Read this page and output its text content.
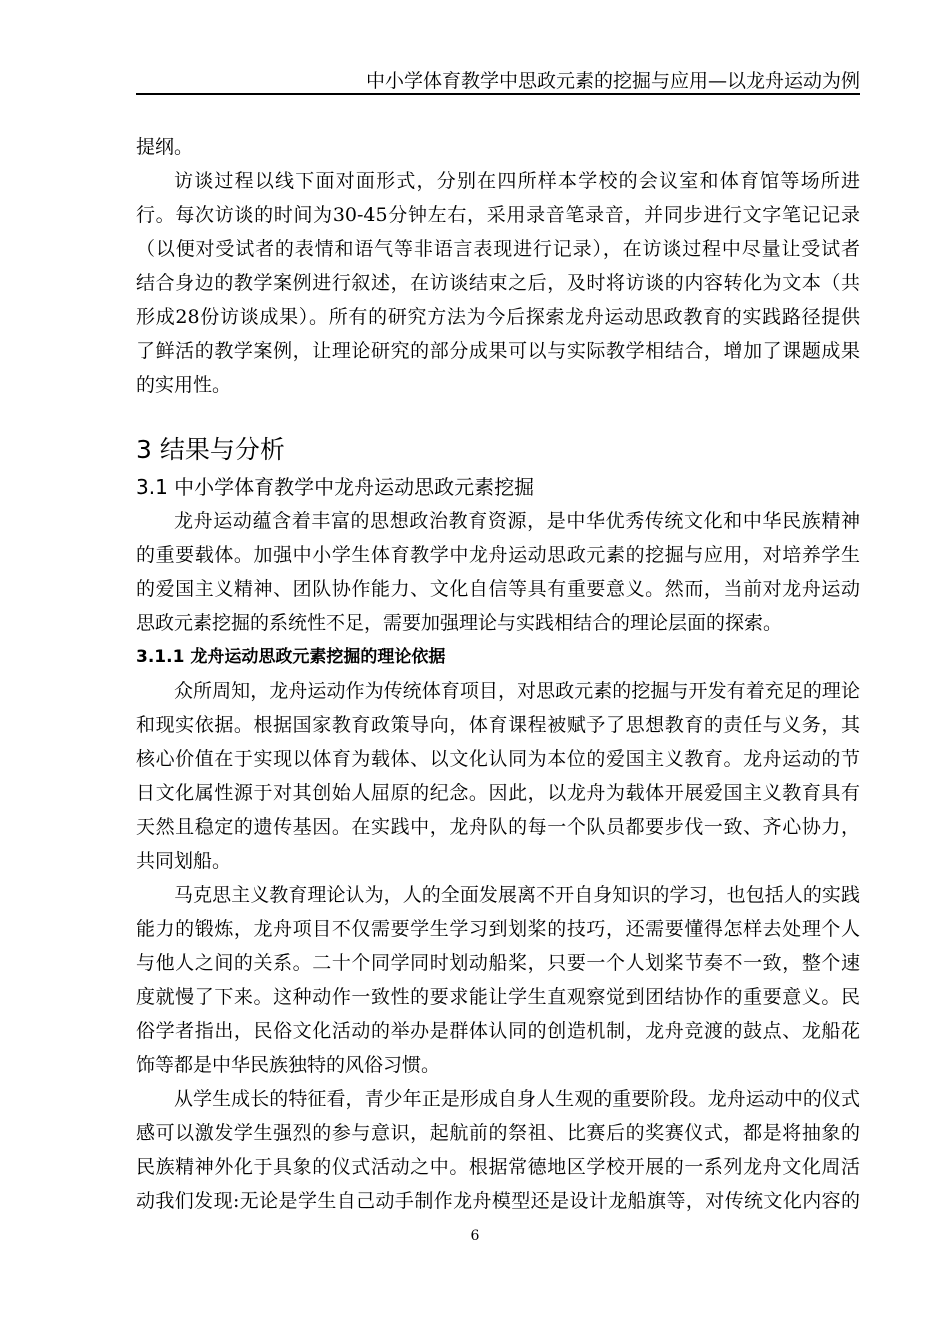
中小学体育教学中思政元素的挖掘与应用—以龙舟运动为例
提纲。
访谈过程以线下面对面形式，分别在四所样本学校的会议室和体育馆等场所进
行。每次访谈的时间为30-45分钟左右，采用录音笔录音，并同步进行文字笔记记录
（以便对受试者的表情和语气等非语言表现进行记录），在访谈过程中尽量让受试者
结合身边的教学案例进行叙述，在访谈结束之后，及时将访谈的内容转化为文本（共
形成28份访谈成果）。所有的研究方法为今后探索龙舟运动思政教育的实践路径提供
了鲜活的教学案例，让理论研究的部分成果可以与实际教学相结合，增加了课题成果
的实用性。
3 结果与分析
3.1 中小学体育教学中龙舟运动思政元素挖掘
龙舟运动蕴含着丰富的思想政治教育资源，是中华优秀传统文化和中华民族精神
的重要载体。加强中小学生体育教学中龙舟运动思政元素的挖掘与应用，对培养学生
的爱国主义精神、团队协作能力、文化自信等具有重要意义。然而，当前对龙舟运动
思政元素挖掘的系统性不足，需要加强理论与实践相结合的理论层面的探索。
3.1.1 龙舟运动思政元素挖掘的理论依据
众所周知，龙舟运动作为传统体育项目，对思政元素的挖掘与开发有着充足的理论
和现实依据。根据国家教育政策导向，体育课程被赋予了思想教育的责任与义务，其
核心价值在于实现以体育为载体、以文化认同为本位的爱国主义教育。龙舟运动的节
日文化属性源于对其创始人屈原的纪念。因此，以龙舟为载体开展爱国主义教育具有
天然且稳定的遗传基因。在实践中，龙舟队的每一个队员都要步伐一致、齐心协力，
共同划船。
马克思主义教育理论认为，人的全面发展离不开自身知识的学习，也包括人的实践
能力的锻炼，龙舟项目不仅需要学生学习到划桨的技巧，还需要懂得怎样去处理个人
与他人之间的关系。二十个同学同时划动船桨，只要一个人划桨节奏不一致，整个速
度就慢了下来。这种动作一致性的要求能让学生直观察觉到团结协作的重要意义。民
俗学者指出，民俗文化活动的举办是群体认同的创造机制，龙舟竞渡的鼓点、龙船花
饰等都是中华民族独特的风俗习惯。
从学生成长的特征看，青少年正是形成自身人生观的重要阶段。龙舟运动中的仪式
感可以激发学生强烈的参与意识，起航前的祭祖、比赛后的奖赛仪式，都是将抽象的
民族精神外化于具象的仪式活动之中。根据常德地区学校开展的一系列龙舟文化周活
动我们发现:无论是学生自己动手制作龙舟模型还是设计龙船旗等，对传统文化内容的
6
